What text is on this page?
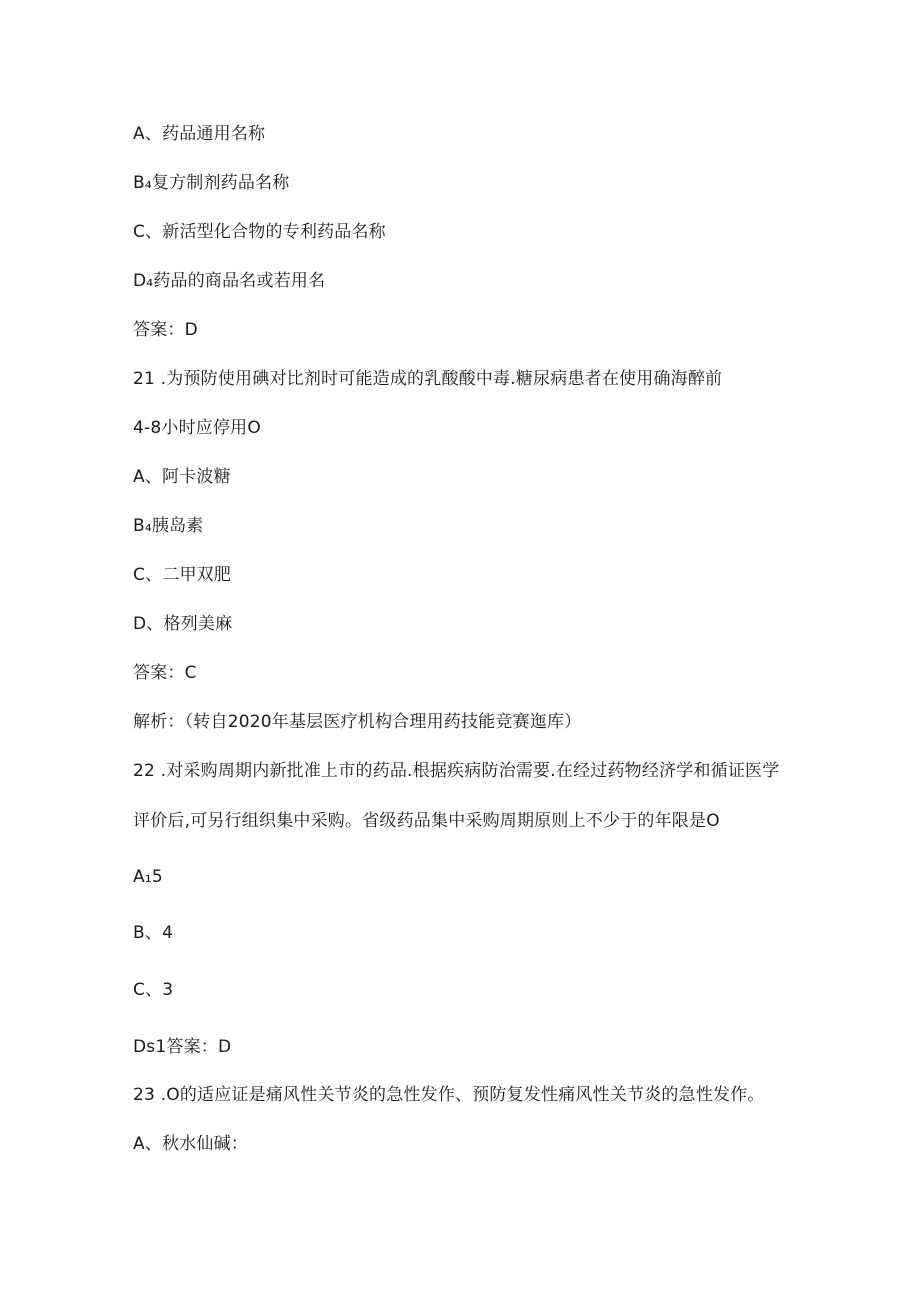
A、药品通用名称
B₄复方制剂药品名称
C、新活型化合物的专利药品名称
D₄药品的商品名或若用名
答案：D
21 .为预防使用碘对比剂时可能造成的乳酸酸中毒.糖尿病患者在使用确海醉前
4-8小时应停用O
A、阿卡波糖
B₄胰岛素
C、二甲双肥
D、格列美麻
答案：C
解析：（转自2020年基层医疗机构合理用药技能竞赛迤库）
22 .对采购周期内新批准上市的药品.根据疾病防治需要.在经过药物经济学和循证医学
评价后,可另行组织集中采购。省级药品集中采购周期原则上不少于的年限是O
A₁5
B、4
C、3
Ds1答案：D
23 .O的适应证是痛风性关节炎的急性发作、预防复发性痛风性关节炎的急性发作。
A、秋水仙碱：
